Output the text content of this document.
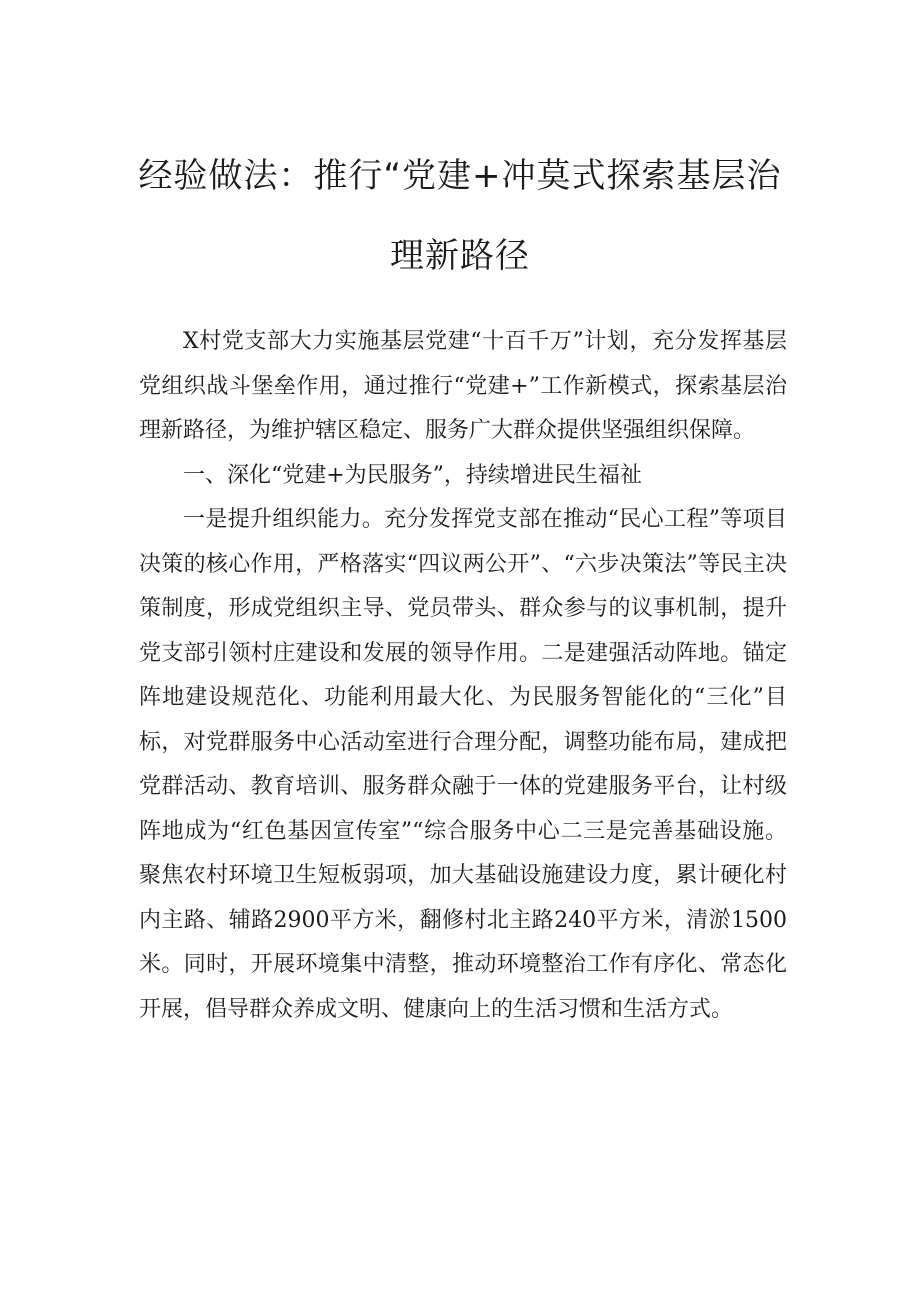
经验做法：推行“党建+冲莫式探索基层治
理新路径

X村党支部大力实施基层党建“十百千万”计划，充分发挥基层党组织战斗堡垒作用，通过推行“党建+”工作新模式，探索基层治理新路径，为维护辖区稳定、服务广大群众提供坚强组织保障。

一、深化“党建+为民服务”，持续增进民生福祉

一是提升组织能力。充分发挥党支部在推动“民心工程”等项目决策的核心作用，严格落实“四议两公开”、“六步决策法”等民主决策制度，形成党组织主导、党员带头、群众参与的议事机制，提升党支部引领村庄建设和发展的领导作用。二是建强活动阵地。锚定阵地建设规范化、功能利用最大化、为民服务智能化的“三化”目标，对党群服务中心活动室进行合理分配，调整功能布局，建成把党群活动、教育培训、服务群众融于一体的党建服务平台，让村级阵地成为“红色基因宣传室”“综合服务中心二三是完善基础设施。聚焦农村环境卫生短板弱项，加大基础设施建设力度，累计硬化村内主路、辅路2900平方米，翻修村北主路240平方米，清淤1500米。同时，开展环境集中清整，推动环境整治工作有序化、常态化开展，倡导群众养成文明、健康向上的生活习惯和生活方式。
